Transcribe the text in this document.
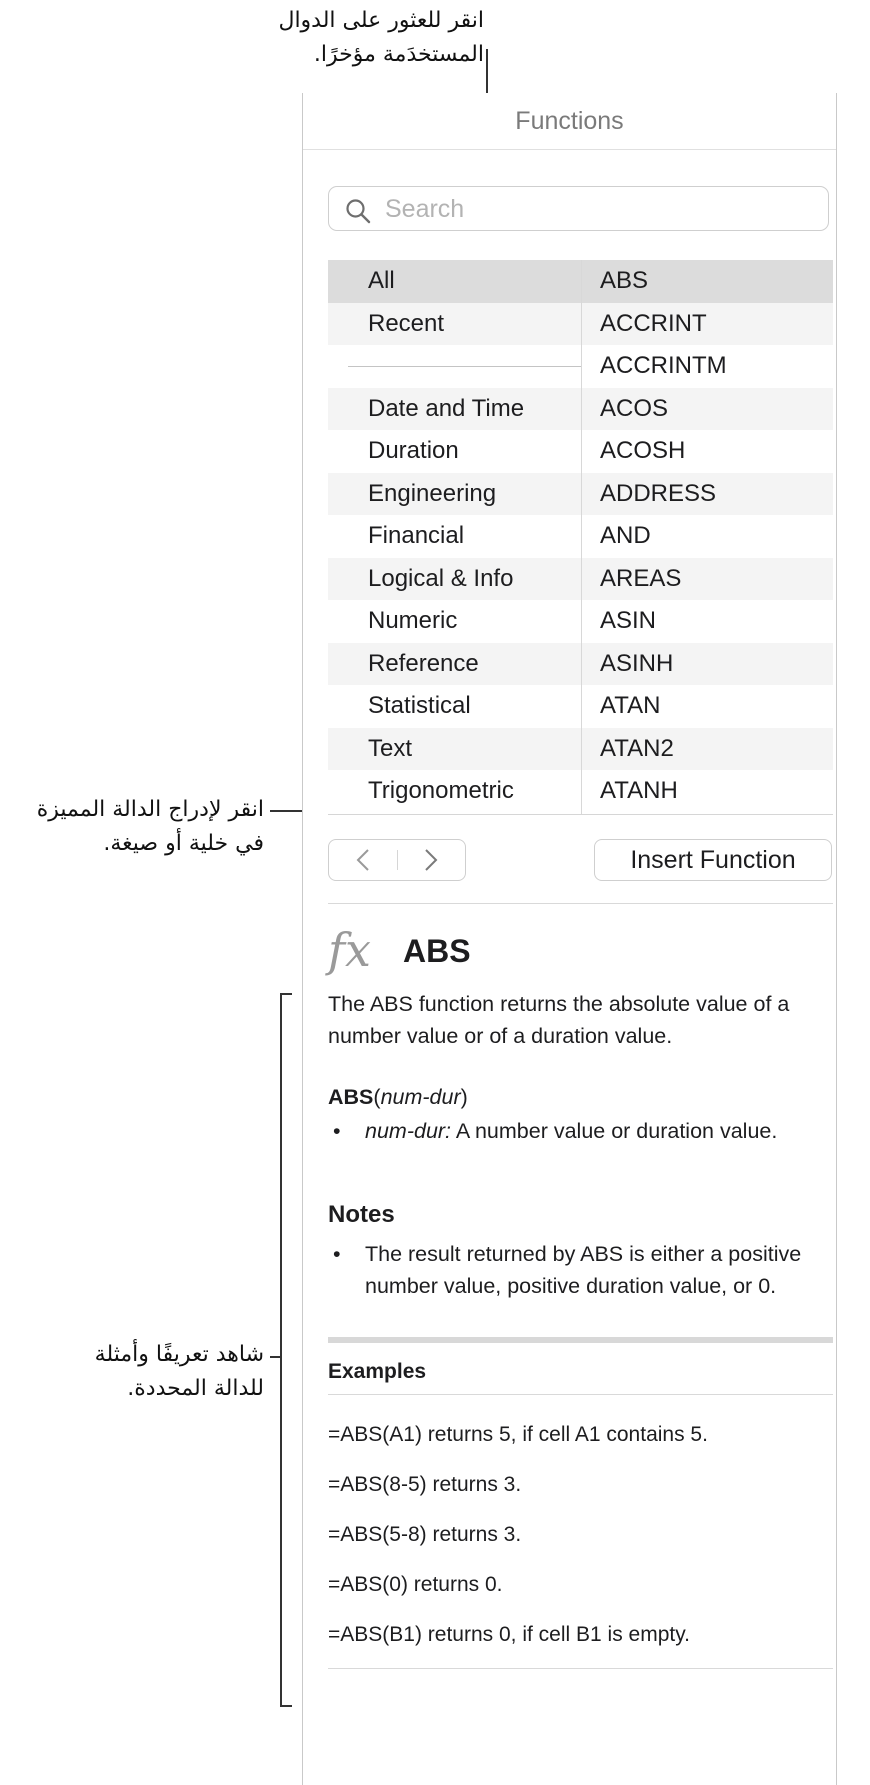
انقر للعثور على الدوال
المستخدَمة مؤخرًا.
انقر لإدراج الدالة المميزة
في خلية أو صيغة.
شاهد تعريفًا وأمثلة
للدالة المحددة.
Functions
Search
All
Recent
Date and Time
Duration
Engineering
Financial
Logical & Info
Numeric
Reference
Statistical
Text
Trigonometric
ABS
ACCRINT
ACCRINTM
ACOS
ACOSH
ADDRESS
AND
AREAS
ASIN
ASINH
ATAN
ATAN2
ATANH
Insert Function
fx ABS
The ABS function returns the absolute value of a number value or of a duration value.
ABS(num-dur)
• num-dur: A number value or duration value.
Notes
• The result returned by ABS is either a positive number value, positive duration value, or 0.
Examples
=ABS(A1) returns 5, if cell A1 contains 5.
=ABS(8-5) returns 3.
=ABS(5-8) returns 3.
=ABS(0) returns 0.
=ABS(B1) returns 0, if cell B1 is empty.
